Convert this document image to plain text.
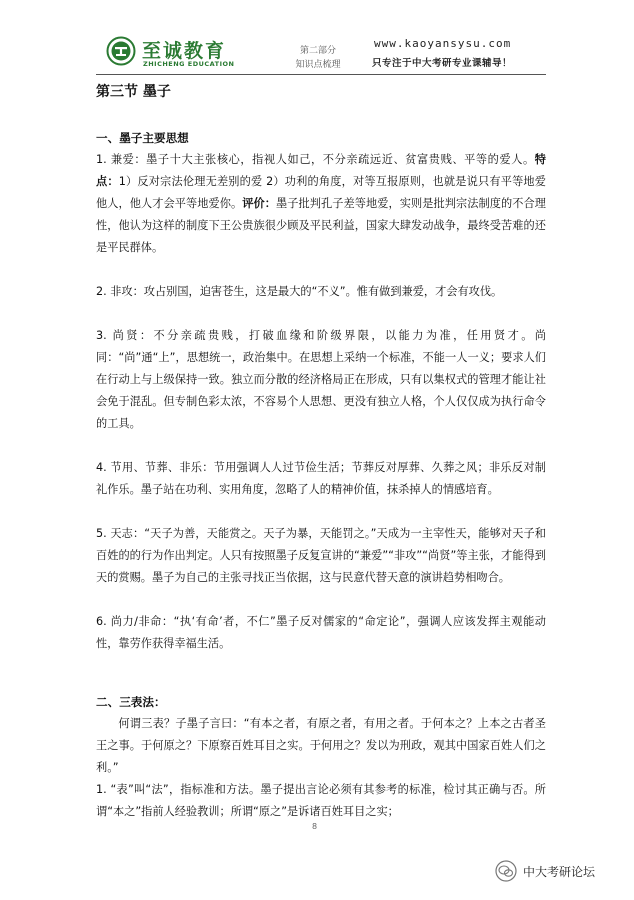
至诚教育
ZHICHENG EDUCATION
第二部分
知识点梳理
www.kaoyansysu.com
只专注于中大考研专业课辅导！
第三节 墨子
一、墨子主要思想

1. 兼爱：墨子十大主张核心，指视人如己，不分亲疏远近、贫富贵贱、平等的爱人。特点：1）反对宗法伦理无差别的爱 2）功利的角度，对等互报原则，也就是说只有平等地爱他人，他人才会平等地爱你。评价：墨子批判孔子差等地爱，实则是批判宗法制度的不合理性，他认为这样的制度下王公贵族很少顾及平民利益，国家大肆发动战争，最终受苦难的还是平民群体。

2. 非攻：攻占别国，迫害苍生，这是最大的“不义”。惟有做到兼爱，才会有攻伐。

3. 尚贤：不分亲疏贵贱，打破血缘和阶级界限，以能力为准，任用贤才。尚同：“尚”通“上”，思想统一，政治集中。在思想上采纳一个标准，不能一人一义；要求人们在行动上与上级保持一致。独立而分散的经济格局正在形成，只有以集权式的管理才能让社会免于混乱。但专制色彩太浓，不容易个人思想、更没有独立人格，个人仅仅成为执行命令的工具。

4. 节用、节葬、非乐：节用强调人人过节俭生活；节葬反对厚葬、久葬之风；非乐反对制礼作乐。墨子站在功利、实用角度，忽略了人的精神价值，抹杀掉人的情感培育。

5. 天志：“天子为善，天能赏之。天子为暴，天能罚之。”天成为一主宰性天，能够对天子和百姓的的行为作出判定。人只有按照墨子反复宣讲的“兼爱”“非攻”“尚贤”等主张，才能得到天的赏赐。墨子为自己的主张寻找正当依据，这与民意代替天意的演讲趋势相吻合。

6. 尚力/非命：“执‘有命’者，不仁”墨子反对儒家的“命定论”，强调人应该发挥主观能动性，靠劳作获得幸福生活。

二、三表法：

何谓三表？子墨子言曰：“有本之者，有原之者，有用之者。于何本之？上本之古者圣王之事。于何原之？下原察百姓耳目之实。于何用之？发以为刑政，观其中国家百姓人们之利。”

1. “表”叫“法”，指标准和方法。墨子提出言论必须有其参考的标准，检讨其正确与否。所谓“本之”指前人经验教训；所谓“原之”是诉诸百姓耳目之实；

8
中大考研论坛
